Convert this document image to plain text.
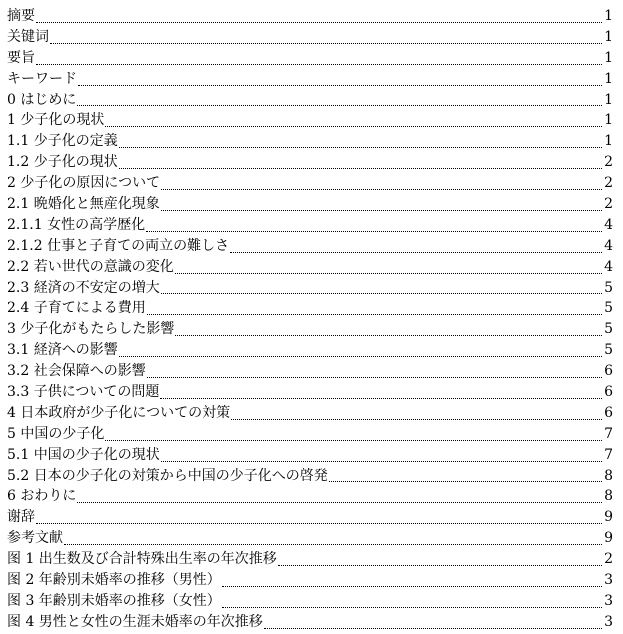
摘要	1
关键词	1
要旨	1
キーワード	1
0 はじめに	1
1 少子化の現状	1
1.1 少子化の定義	1
1.2 少子化の現状	2
2 少子化の原因について	2
2.1 晩婚化と無産化現象	2
2.1.1 女性の高学歴化	4
2.1.2 仕事と子育ての両立の難しさ	4
2.2 若い世代の意識の変化	4
2.3 経済の不安定の増大	5
2.4 子育てによる費用	5
3 少子化がもたらした影響	5
3.1 経済への影響	5
3.2 社会保障への影響	6
3.3 子供についての問題	6
4 日本政府が少子化についての対策	6
5 中国の少子化	7
5.1 中国の少子化の現状	7
5.2 日本の少子化の対策から中国の少子化への啓発	8
6 おわりに	8
谢辞	9
参考文献	9
图 1 出生数及び合計特殊出生率の年次推移	2
图 2 年齢別未婚率の推移（男性）	3
图 3 年齢別未婚率の推移（女性）	3
图 4 男性と女性の生涯未婚率の年次推移	3
